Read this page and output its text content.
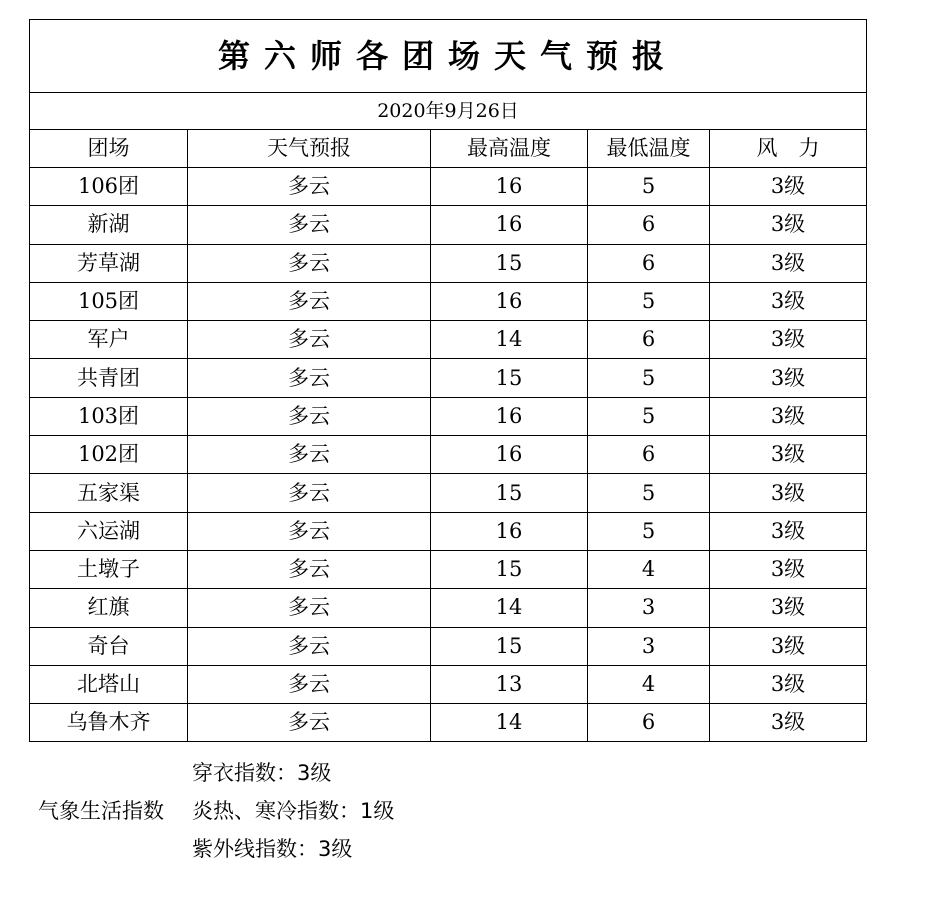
第六师各团场天气预报				
2020年9月26日				
团场	天气预报	最高温度	最低温度	风　力
106团	多云	16	5	3级
新湖	多云	16	6	3级
芳草湖	多云	15	6	3级
105团	多云	16	5	3级
军户	多云	14	6	3级
共青团	多云	15	5	3级
103团	多云	16	5	3级
102团	多云	16	6	3级
五家渠	多云	15	5	3级
六运湖	多云	16	5	3级
土墩子	多云	15	4	3级
红旗	多云	14	3	3级
奇台	多云	15	3	3级
北塔山	多云	13	4	3级
乌鲁木齐	多云	14	6	3级
气象生活指数
穿衣指数：3级
炎热、寒冷指数：1级
紫外线指数：3级
